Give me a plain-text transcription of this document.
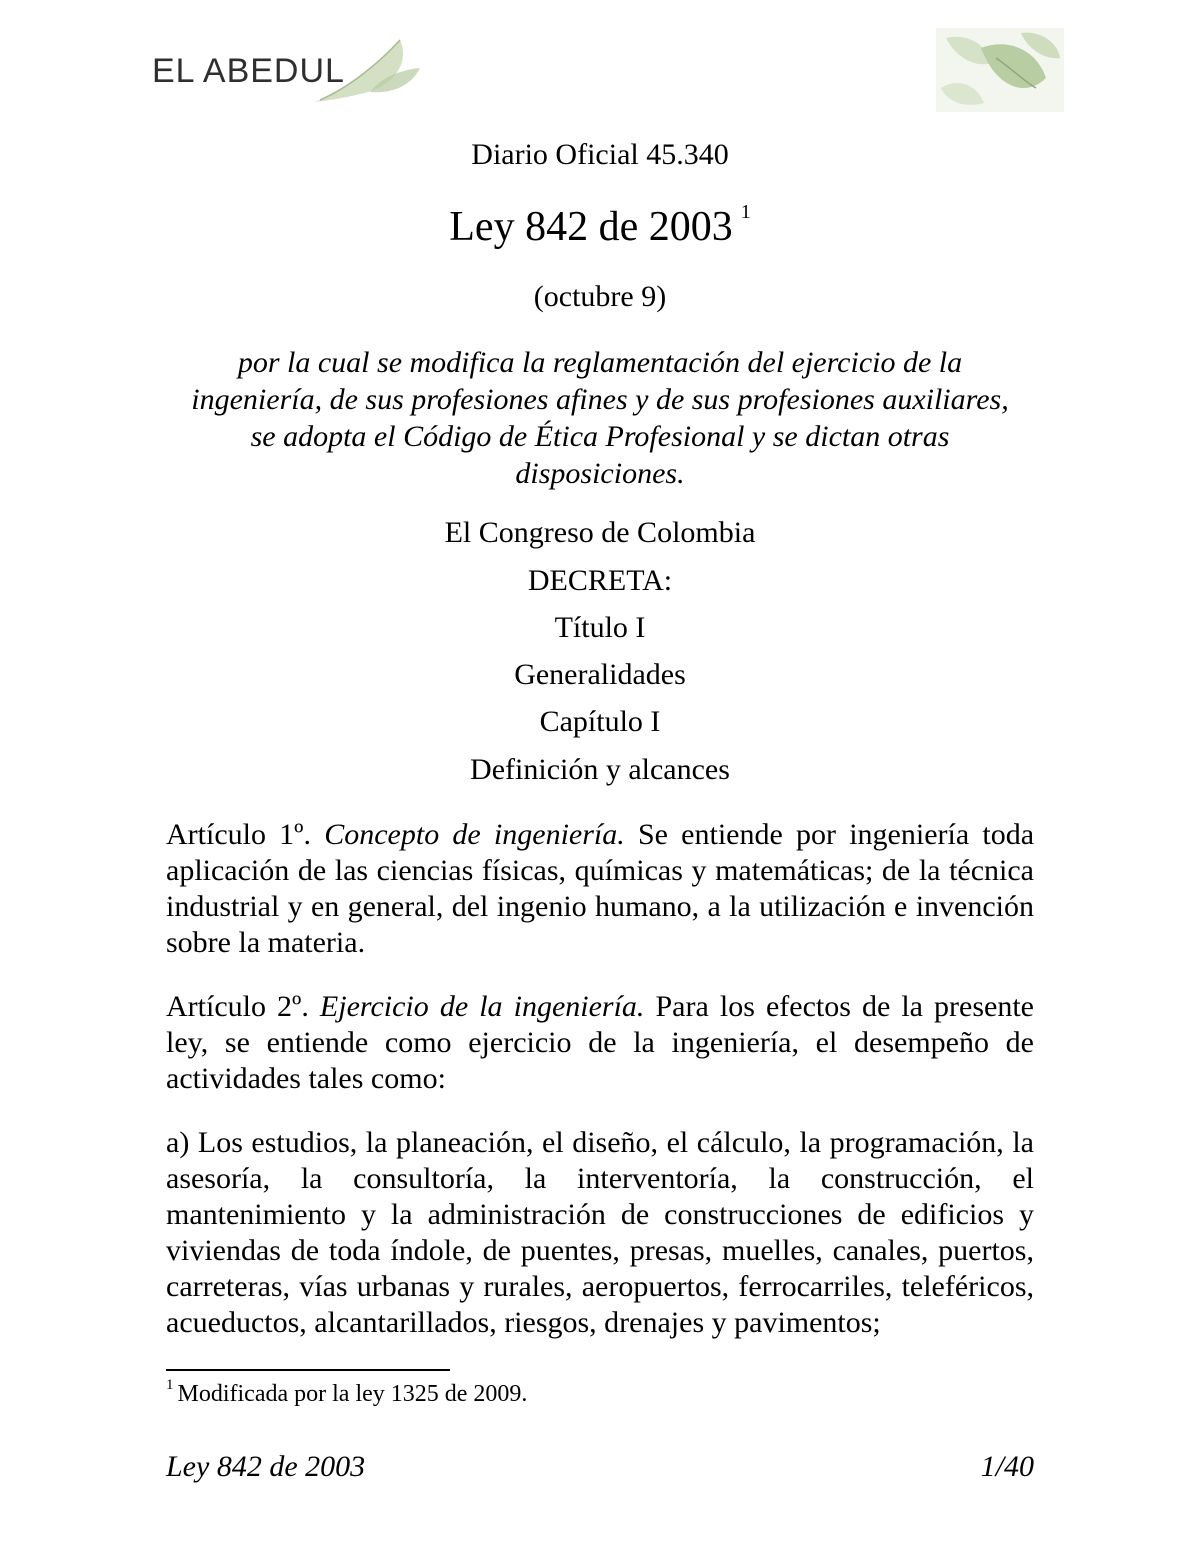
EL ABEDUL
Diario Oficial 45.340
Ley 842 de 2003 $^1$
(octubre 9)
por la cual se modifica la reglamentación del ejercicio de la
ingeniería, de sus profesiones afines y de sus profesiones auxiliares,
se adopta el Código de Ética Profesional y se dictan otras
disposiciones.
El Congreso de Colombia
DECRETA:
Título I
Generalidades
Capítulo I
Definición y alcances
Artículo 1º. Concepto de ingeniería. Se entiende por ingeniería toda aplicación de las ciencias físicas, químicas y matemáticas; de la técnica industrial y en general, del ingenio humano, a la utilización e invención sobre la materia.
Artículo 2º. Ejercicio de la ingeniería. Para los efectos de la presente ley, se entiende como ejercicio de la ingeniería, el desempeño de actividades tales como:
a) Los estudios, la planeación, el diseño, el cálculo, la programación, la asesoría, la consultoría, la interventoría, la construcción, el mantenimiento y la administración de construcciones de edificios y viviendas de toda índole, de puentes, presas, muelles, canales, puertos, carreteras, vías urbanas y rurales, aeropuertos, ferrocarriles, teleféricos, acueductos, alcantarillados, riesgos, drenajes y pavimentos;
$^1$ Modificada por la ley 1325 de 2009.
Ley 842 de 2003	1/40
